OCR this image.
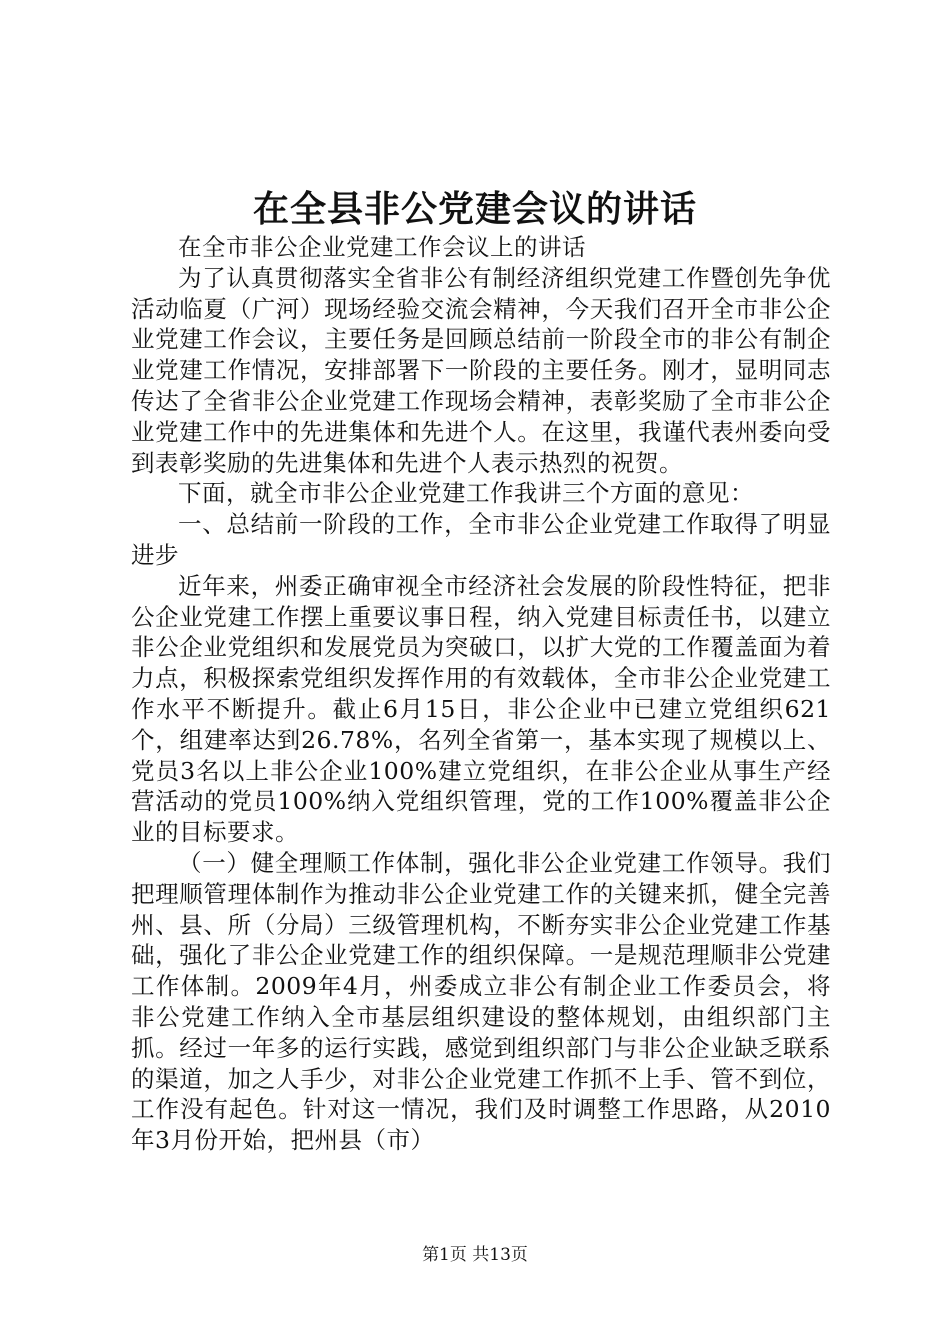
在全县非公党建会议的讲话

在全市非公企业党建工作会议上的讲话

为了认真贯彻落实全省非公有制经济组织党建工作暨创先争优活动临夏（广河）现场经验交流会精神，今天我们召开全市非公企业党建工作会议，主要任务是回顾总结前一阶段全市的非公有制企业党建工作情况，安排部署下一阶段的主要任务。刚才，显明同志传达了全省非公企业党建工作现场会精神，表彰奖励了全市非公企业党建工作中的先进集体和先进个人。在这里，我谨代表州委向受到表彰奖励的先进集体和先进个人表示热烈的祝贺。

下面，就全市非公企业党建工作我讲三个方面的意见：

一、总结前一阶段的工作，全市非公企业党建工作取得了明显进步

近年来，州委正确审视全市经济社会发展的阶段性特征，把非公企业党建工作摆上重要议事日程，纳入党建目标责任书，以建立非公企业党组织和发展党员为突破口，以扩大党的工作覆盖面为着力点，积极探索党组织发挥作用的有效载体，全市非公企业党建工作水平不断提升。截止6月15日，非公企业中已建立党组织621个，组建率达到26.78%，名列全省第一，基本实现了规模以上、党员3名以上非公企业100%建立党组织，在非公企业从事生产经营活动的党员100%纳入党组织管理，党的工作100%覆盖非公企业的目标要求。

（一）健全理顺工作体制，强化非公企业党建工作领导。我们把理顺管理体制作为推动非公企业党建工作的关键来抓，健全完善州、县、所（分局）三级管理机构，不断夯实非公企业党建工作基础，强化了非公企业党建工作的组织保障。一是规范理顺非公党建工作体制。2009年4月，州委成立非公有制企业工作委员会，将非公党建工作纳入全市基层组织建设的整体规划，由组织部门主抓。经过一年多的运行实践，感觉到组织部门与非公企业缺乏联系的渠道，加之人手少，对非公企业党建工作抓不上手、管不到位，工作没有起色。针对这一情况，我们及时调整工作思路，从2010年3月份开始，把州县（市）

第1页 共13页
